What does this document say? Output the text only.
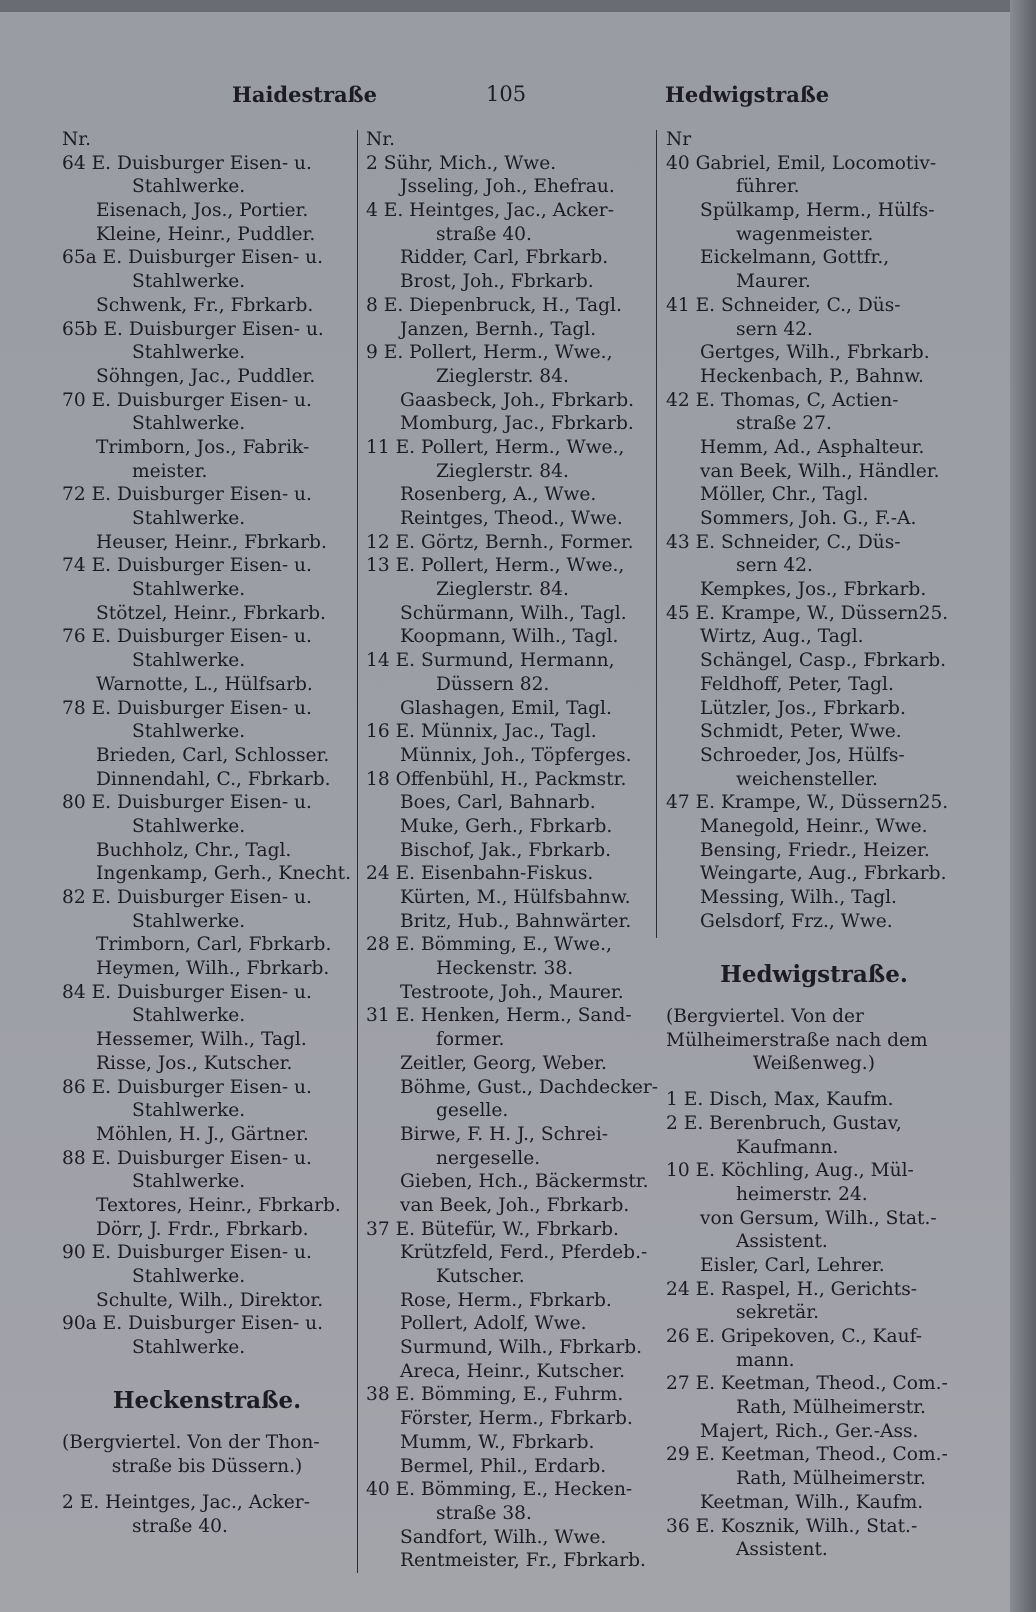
Haidestraße	105	Hedwigstraße
Nr.
64 E. Duisburger Eisen- u.
Stahlwerke.
Eisenach, Jos., Portier.
Kleine, Heinr., Puddler.
65a E. Duisburger Eisen- u.
Stahlwerke.
Schwenk, Fr., Fbrkarb.
65b E. Duisburger Eisen- u.
Stahlwerke.
Söhngen, Jac., Puddler.
70 E. Duisburger Eisen- u.
Stahlwerke.
Trimborn, Jos., Fabrik-
meister.
72 E. Duisburger Eisen- u.
Stahlwerke.
Heuser, Heinr., Fbrkarb.
74 E. Duisburger Eisen- u.
Stahlwerke.
Stötzel, Heinr., Fbrkarb.
76 E. Duisburger Eisen- u.
Stahlwerke.
Warnotte, L., Hülfsarb.
78 E. Duisburger Eisen- u.
Stahlwerke.
Brieden, Carl, Schlosser.
Dinnendahl, C., Fbrkarb.
80 E. Duisburger Eisen- u.
Stahlwerke.
Buchholz, Chr., Tagl.
Ingenkamp, Gerh., Knecht.
82 E. Duisburger Eisen- u.
Stahlwerke.
Trimborn, Carl, Fbrkarb.
Heymen, Wilh., Fbrkarb.
84 E. Duisburger Eisen- u.
Stahlwerke.
Hessemer, Wilh., Tagl.
Risse, Jos., Kutscher.
86 E. Duisburger Eisen- u.
Stahlwerke.
Möhlen, H. J., Gärtner.
88 E. Duisburger Eisen- u.
Stahlwerke.
Textores, Heinr., Fbrkarb.
Dörr, J. Frdr., Fbrkarb.
90 E. Duisburger Eisen- u.
Stahlwerke.
Schulte, Wilh., Direktor.
90a E. Duisburger Eisen- u.
Stahlwerke.
Heckenstraße.
(Bergviertel. Von der Thon-
straße bis Düssern.)
2 E. Heintges, Jac., Acker-
straße 40.
Nr.
2 Sühr, Mich., Wwe.
Jsseling, Joh., Ehefrau.
4 E. Heintges, Jac., Acker-
straße 40.
Ridder, Carl, Fbrkarb.
Brost, Joh., Fbrkarb.
8 E. Diepenbruck, H., Tagl.
Janzen, Bernh., Tagl.
9 E. Pollert, Herm., Wwe.,
Zieglerstr. 84.
Gaasbeck, Joh., Fbrkarb.
Momburg, Jac., Fbrkarb.
11 E. Pollert, Herm., Wwe.,
Zieglerstr. 84.
Rosenberg, A., Wwe.
Reintges, Theod., Wwe.
12 E. Görtz, Bernh., Former.
13 E. Pollert, Herm., Wwe.,
Zieglerstr. 84.
Schürmann, Wilh., Tagl.
Koopmann, Wilh., Tagl.
14 E. Surmund, Hermann,
Düssern 82.
Glashagen, Emil, Tagl.
16 E. Münnix, Jac., Tagl.
Münnix, Joh., Töpferges.
18 Offenbühl, H., Packmstr.
Boes, Carl, Bahnarb.
Muke, Gerh., Fbrkarb.
Bischof, Jak., Fbrkarb.
24 E. Eisenbahn-Fiskus.
Kürten, M., Hülfsbahnw.
Britz, Hub., Bahnwärter.
28 E. Bömming, E., Wwe.,
Heckenstr. 38.
Testroote, Joh., Maurer.
31 E. Henken, Herm., Sand-
former.
Zeitler, Georg, Weber.
Böhme, Gust., Dachdecker-
geselle.
Birwe, F. H. J., Schrei-
nergeselle.
Gieben, Hch., Bäckermstr.
van Beek, Joh., Fbrkarb.
37 E. Bütefür, W., Fbrkarb.
Krützfeld, Ferd., Pferdeb.-
Kutscher.
Rose, Herm., Fbrkarb.
Pollert, Adolf, Wwe.
Surmund, Wilh., Fbrkarb.
Areca, Heinr., Kutscher.
38 E. Bömming, E., Fuhrm.
Förster, Herm., Fbrkarb.
Mumm, W., Fbrkarb.
Bermel, Phil., Erdarb.
40 E. Bömming, E., Hecken-
straße 38.
Sandfort, Wilh., Wwe.
Rentmeister, Fr., Fbrkarb.
Nr
40 Gabriel, Emil, Locomotiv-
führer.
Spülkamp, Herm., Hülfs-
wagenmeister.
Eickelmann, Gottfr.,
Maurer.
41 E. Schneider, C., Düs-
sern 42.
Gertges, Wilh., Fbrkarb.
Heckenbach, P., Bahnw.
42 E. Thomas, C, Actien-
straße 27.
Hemm, Ad., Asphalteur.
van Beek, Wilh., Händler.
Möller, Chr., Tagl.
Sommers, Joh. G., F.-A.
43 E. Schneider, C., Düs-
sern 42.
Kempkes, Jos., Fbrkarb.
45 E. Krampe, W., Düssern25.
Wirtz, Aug., Tagl.
Schängel, Casp., Fbrkarb.
Feldhoff, Peter, Tagl.
Lützler, Jos., Fbrkarb.
Schmidt, Peter, Wwe.
Schroeder, Jos, Hülfs-
weichensteller.
47 E. Krampe, W., Düssern25.
Manegold, Heinr., Wwe.
Bensing, Friedr., Heizer.
Weingarte, Aug., Fbrkarb.
Messing, Wilh., Tagl.
Gelsdorf, Frz., Wwe.
Hedwigstraße.
(Bergviertel. Von der
Mülheimerstraße nach dem
Weißenweg.)
1 E. Disch, Max, Kaufm.
2 E. Berenbruch, Gustav,
Kaufmann.
10 E. Köchling, Aug., Mül-
heimerstr. 24.
von Gersum, Wilh., Stat.-
Assistent.
Eisler, Carl, Lehrer.
24 E. Raspel, H., Gerichts-
sekretär.
26 E. Gripekoven, C., Kauf-
mann.
27 E. Keetman, Theod., Com.-
Rath, Mülheimerstr.
Majert, Rich., Ger.-Ass.
29 E. Keetman, Theod., Com.-
Rath, Mülheimerstr.
Keetman, Wilh., Kaufm.
36 E. Kosznik, Wilh., Stat.-
Assistent.
